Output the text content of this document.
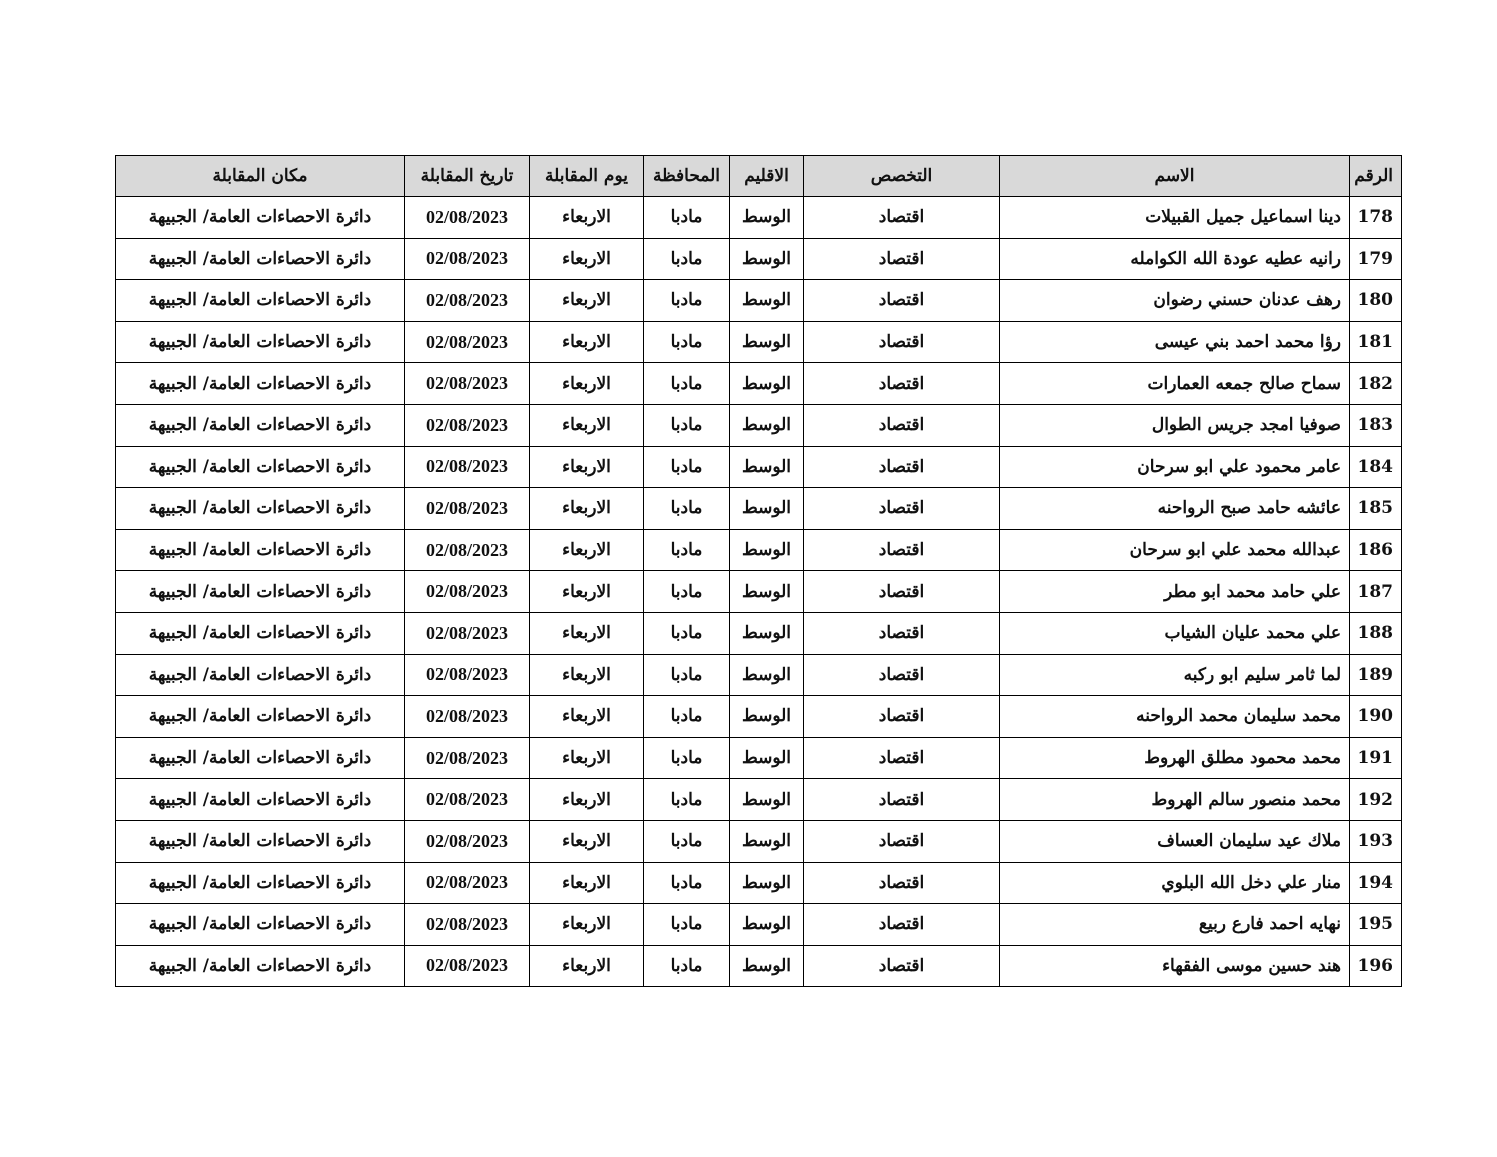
الرقم	الاسم	التخصص	الاقليم	المحافظة	يوم المقابلة	تاريخ المقابلة	مكان المقابلة
178	دينا اسماعيل جميل القبيلات	اقتصاد	الوسط	مادبا	الاربعاء	02/08/2023	دائرة الاحصاءات العامة/ الجبيهة
179	رانيه عطيه عودة الله الكوامله	اقتصاد	الوسط	مادبا	الاربعاء	02/08/2023	دائرة الاحصاءات العامة/ الجبيهة
180	رهف عدنان حسني رضوان	اقتصاد	الوسط	مادبا	الاربعاء	02/08/2023	دائرة الاحصاءات العامة/ الجبيهة
181	رؤا محمد احمد بني عيسى	اقتصاد	الوسط	مادبا	الاربعاء	02/08/2023	دائرة الاحصاءات العامة/ الجبيهة
182	سماح صالح جمعه العمارات	اقتصاد	الوسط	مادبا	الاربعاء	02/08/2023	دائرة الاحصاءات العامة/ الجبيهة
183	صوفيا امجد جريس الطوال	اقتصاد	الوسط	مادبا	الاربعاء	02/08/2023	دائرة الاحصاءات العامة/ الجبيهة
184	عامر محمود علي ابو سرحان	اقتصاد	الوسط	مادبا	الاربعاء	02/08/2023	دائرة الاحصاءات العامة/ الجبيهة
185	عائشه حامد صبح الرواحنه	اقتصاد	الوسط	مادبا	الاربعاء	02/08/2023	دائرة الاحصاءات العامة/ الجبيهة
186	عبدالله محمد علي ابو سرحان	اقتصاد	الوسط	مادبا	الاربعاء	02/08/2023	دائرة الاحصاءات العامة/ الجبيهة
187	علي حامد محمد ابو مطر	اقتصاد	الوسط	مادبا	الاربعاء	02/08/2023	دائرة الاحصاءات العامة/ الجبيهة
188	علي محمد عليان الشياب	اقتصاد	الوسط	مادبا	الاربعاء	02/08/2023	دائرة الاحصاءات العامة/ الجبيهة
189	لما ثامر سليم ابو ركبه	اقتصاد	الوسط	مادبا	الاربعاء	02/08/2023	دائرة الاحصاءات العامة/ الجبيهة
190	محمد سليمان محمد الرواحنه	اقتصاد	الوسط	مادبا	الاربعاء	02/08/2023	دائرة الاحصاءات العامة/ الجبيهة
191	محمد محمود مطلق الهروط	اقتصاد	الوسط	مادبا	الاربعاء	02/08/2023	دائرة الاحصاءات العامة/ الجبيهة
192	محمد منصور سالم الهروط	اقتصاد	الوسط	مادبا	الاربعاء	02/08/2023	دائرة الاحصاءات العامة/ الجبيهة
193	ملاك عيد سليمان العساف	اقتصاد	الوسط	مادبا	الاربعاء	02/08/2023	دائرة الاحصاءات العامة/ الجبيهة
194	منار علي دخل الله البلوي	اقتصاد	الوسط	مادبا	الاربعاء	02/08/2023	دائرة الاحصاءات العامة/ الجبيهة
195	نهايه احمد فارع ربيع	اقتصاد	الوسط	مادبا	الاربعاء	02/08/2023	دائرة الاحصاءات العامة/ الجبيهة
196	هند حسين موسى الفقهاء	اقتصاد	الوسط	مادبا	الاربعاء	02/08/2023	دائرة الاحصاءات العامة/ الجبيهة
